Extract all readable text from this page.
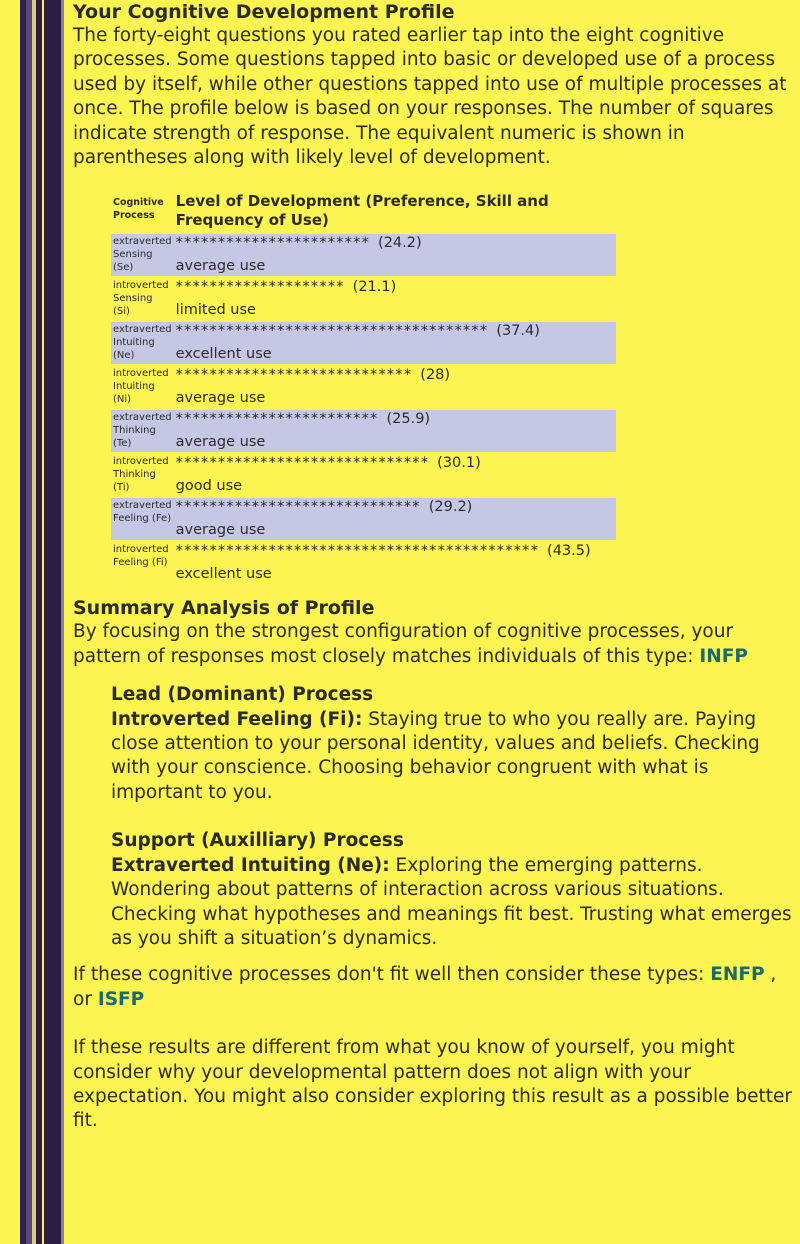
Your Cognitive Development Profile

The forty-eight questions you rated earlier tap into the eight cognitive processes. Some questions tapped into basic or developed use of a process used by itself, while other questions tapped into use of multiple processes at once. The profile below is based on your responses. The number of squares indicate strength of response. The equivalent numeric is shown in parentheses along with likely level of development.

Cognitive Process	Level of Development (Preference, Skill and Frequency of Use)
extraverted Sensing (Se)	*********************** (24.2)
average use

introverted Sensing (Si)	******************** (21.1)
limited use

extraverted Intuiting (Ne)	************************************* (37.4)
excellent use

introverted Intuiting (Ni)	**************************** (28)
average use

extraverted Thinking (Te)	************************ (25.9)
average use

introverted Thinking (Ti)	****************************** (30.1)
good use

extraverted Feeling (Fe)	***************************** (29.2)
average use

introverted Feeling (Fi)	******************************************* (43.5)
excellent use
Summary Analysis of Profile

By focusing on the strongest configuration of cognitive processes, your pattern of responses most closely matches individuals of this type: INFP

Lead (Dominant) Process

Introverted Feeling (Fi): Staying true to who you really are. Paying close attention to your personal identity, values and beliefs. Checking with your conscience. Choosing behavior congruent with what is important to you.

Support (Auxilliary) Process

Extraverted Intuiting (Ne): Exploring the emerging patterns. Wondering about patterns of interaction across various situations. Checking what hypotheses and meanings fit best. Trusting what emerges as you shift a situation’s dynamics.

If these cognitive processes don't fit well then consider these types: ENFP , or ISFP

If these results are different from what you know of yourself, you might consider why your developmental pattern does not align with your expectation. You might also consider exploring this result as a possible better fit.
